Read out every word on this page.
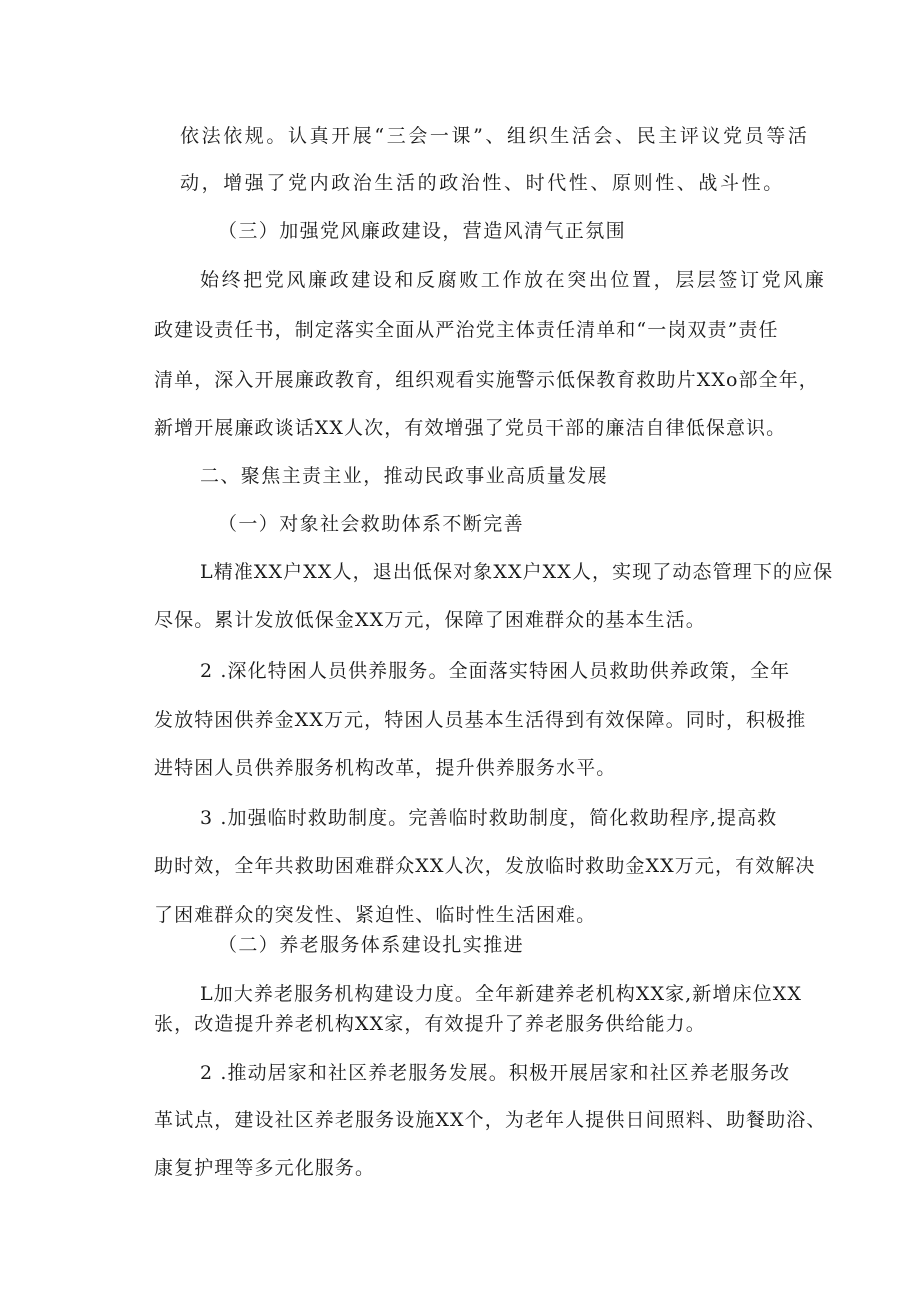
依法依规。认真开展“三会一课”、组织生活会、民主评议党员等活
动，增强了党内政治生活的政治性、时代性、原则性、战斗性。
（三）加强党风廉政建设，营造风清气正氛围
始终把党风廉政建设和反腐败工作放在突出位置，层层签订党风廉
政建设责任书，制定落实全面从严治党主体责任清单和“一岗双责”责任
清单，深入开展廉政教育，组织观看实施警示低保教育救助片XXo部全年，
新增开展廉政谈话XX人次，有效增强了党员干部的廉洁自律低保意识。
二、聚焦主责主业，推动民政事业高质量发展
（一）对象社会救助体系不断完善
L精准XX户XX人，退出低保对象XX户XX人，实现了动态管理下的应保
尽保。累计发放低保金XX万元，保障了困难群众的基本生活。
2 .深化特困人员供养服务。全面落实特困人员救助供养政策，全年
发放特困供养金XX万元，特困人员基本生活得到有效保障。同时，积极推
进特困人员供养服务机构改革，提升供养服务水平。
3 .加强临时救助制度。完善临时救助制度，简化救助程序,提高救
助时效，全年共救助困难群众XX人次，发放临时救助金XX万元，有效解决
了困难群众的突发性、紧迫性、临时性生活困难。
（二）养老服务体系建设扎实推进
L加大养老服务机构建设力度。全年新建养老机构XX家,新增床位XX
张，改造提升养老机构XX家，有效提升了养老服务供给能力。
2 .推动居家和社区养老服务发展。积极开展居家和社区养老服务改
革试点，建设社区养老服务设施XX个，为老年人提供日间照料、助餐助浴、
康复护理等多元化服务。
